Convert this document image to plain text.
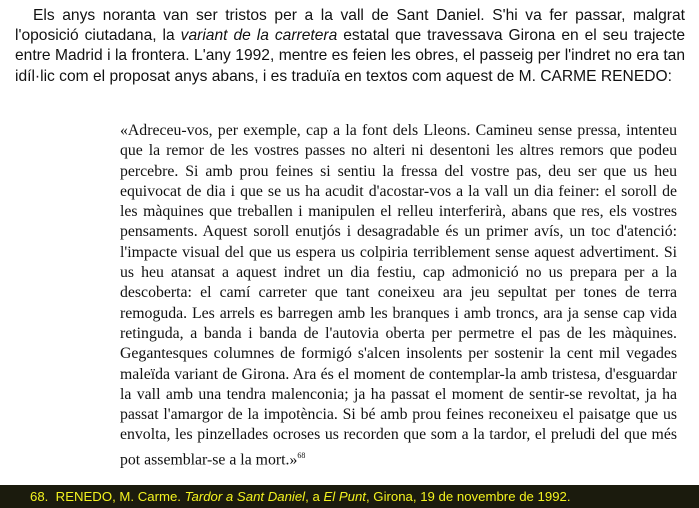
Els anys noranta van ser tristos per a la vall de Sant Daniel. S'hi va fer passar, malgrat l'oposició ciutadana, la variant de la carretera estatal que travessava Girona en el seu trajecte entre Madrid i la frontera. L'any 1992, mentre es feien les obres, el passeig per l'indret no era tan idíl·lic com el proposat anys abans, i es traduïa en textos com aquest de M. CARME RENEDO:

«Adreceu-vos, per exemple, cap a la font dels Lleons. Camineu sense pressa, intenteu que la remor de les vostres passes no alteri ni desentoni les altres remors que podeu percebre. Si amb prou feines si sentiu la fressa del vostre pas, deu ser que us heu equivocat de dia i que se us ha acudit d'acostar-vos a la vall un dia feiner: el soroll de les màquines que treballen i manipulen el relleu interferirà, abans que res, els vostres pensaments. Aquest soroll enutjós i desagradable és un primer avís, un toc d'atenció: l'impacte visual del que us espera us colpiria terriblement sense aquest advertiment. Si us heu atansat a aquest indret un dia festiu, cap admonició no us prepara per a la descoberta: el camí carreter que tant coneixeu ara jeu sepultat per tones de terra remoguda. Les arrels es barregen amb les branques i amb troncs, ara ja sense cap vida retinguda, a banda i banda de l'autovia oberta per permetre el pas de les màquines. Gegantesques columnes de formigó s'alcen insolents per sostenir la cent mil vegades maleïda variant de Girona. Ara és el moment de contemplar-la amb tristesa, d'esguardar la vall amb una tendra malenconia; ja ha passat el moment de sentir-se revoltat, ja ha passat l'amargor de la impotència. Si bé amb prou feines reconeixeu el paisatge que us envolta, les pinzellades ocroses us recorden que som a la tardor, el preludi del que més pot assemblar-se a la mort.»$^{68}$

68. RENEDO, M. Carme. Tardor a Sant Daniel, a El Punt, Girona, 19 de novembre de 1992.
